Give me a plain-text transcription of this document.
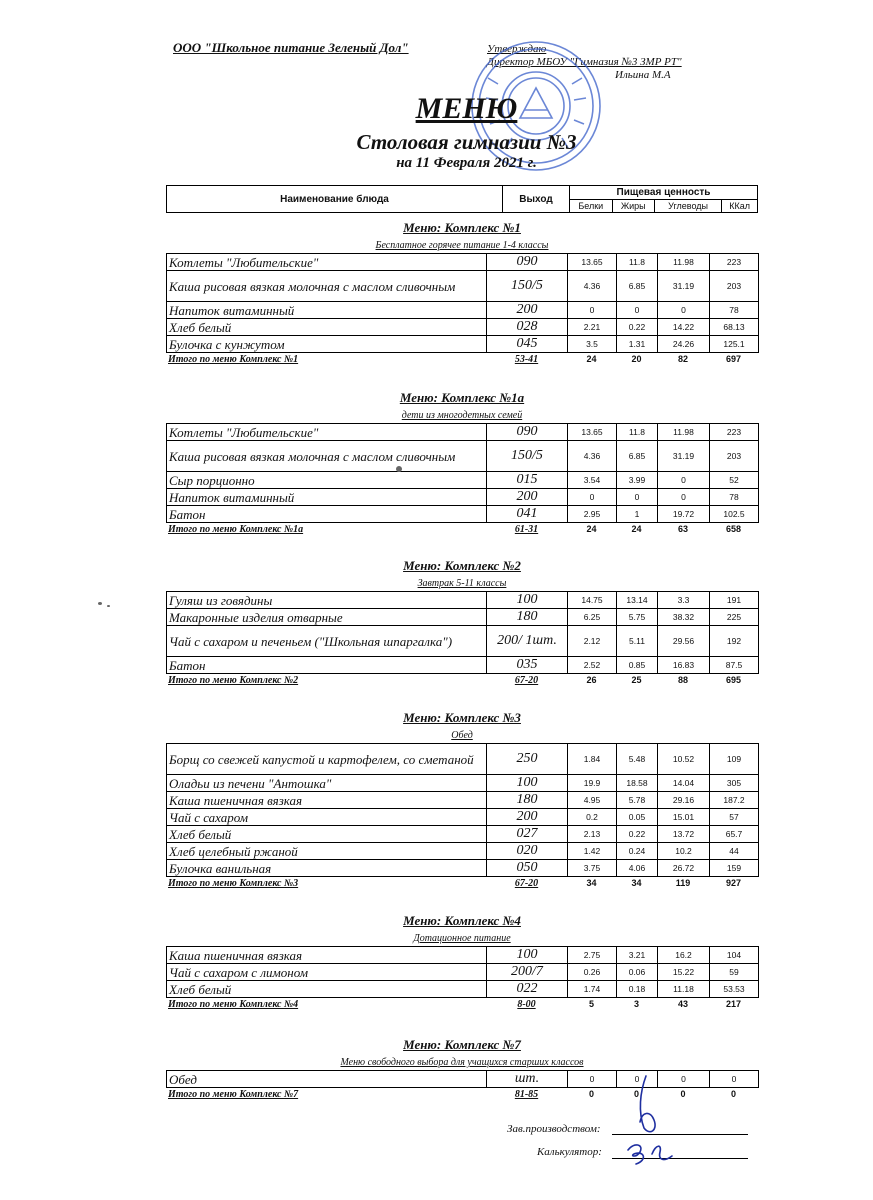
ООО "Школьное питание Зеленый Дол"	Утверждаю
Директор МБОУ "Гимназия №3 ЗМР РТ"
Ильина М.А
МЕНЮ
Столовая гимназии №3
на 11 Февраля 2021 г.
Наименование блюда	Выход	Пищевая ценность			
		Белки	Жиры	Углеводы	ККал
Меню: Комплекс №1
Бесплатное горячее питание 1-4 классы
Котлеты "Любительские"	090	13.65	11.8	11.98	223
Каша рисовая вязкая молочная с маслом сливочным	150/5	4.36	6.85	31.19	203
Напиток витаминный	200	0	0	0	78
Хлеб белый	028	2.21	0.22	14.22	68.13
Булочка с кунжутом	045	3.5	1.31	24.26	125.1
Итого по меню Комплекс №1	53-41	24	20	82	697
Меню: Комплекс №1а
дети из многодетных семей
Котлеты "Любительские"	090	13.65	11.8	11.98	223
Каша рисовая вязкая молочная с маслом сливочным	150/5	4.36	6.85	31.19	203
Сыр порционно	015	3.54	3.99	0	52
Напиток витаминный	200	0	0	0	78
Батон	041	2.95	1	19.72	102.5
Итого по меню Комплекс №1а	61-31	24	24	63	658
Меню: Комплекс №2
Завтрак 5-11 классы
Гуляш из говядины	100	14.75	13.14	3.3	191
Макаронные изделия отварные	180	6.25	5.75	38.32	225
Чай с сахаром и печеньем ("Школьная шпаргалка")	200/ 1шт.	2.12	5.11	29.56	192
Батон	035	2.52	0.85	16.83	87.5
Итого по меню Комплекс №2	67-20	26	25	88	695
Меню: Комплекс №3
Обед
Борщ со свежей капустой и картофелем, со сметаной	250	1.84	5.48	10.52	109
Оладьи из печени "Антошка"	100	19.9	18.58	14.04	305
Каша пшеничная вязкая	180	4.95	5.78	29.16	187.2
Чай с сахаром	200	0.2	0.05	15.01	57
Хлеб белый	027	2.13	0.22	13.72	65.7
Хлеб целебный ржаной	020	1.42	0.24	10.2	44
Булочка ванильная	050	3.75	4.06	26.72	159
Итого по меню Комплекс №3	67-20	34	34	119	927
Меню: Комплекс №4
Дотационное питание
Каша пшеничная вязкая	100	2.75	3.21	16.2	104
Чай с сахаром с лимоном	200/7	0.26	0.06	15.22	59
Хлеб белый	022	1.74	0.18	11.18	53.53
Итого по меню Комплекс №4	8-00	5	3	43	217
Меню: Комплекс №7
Меню свободного выбора для учащихся старших классов
Обед	шт.	0	0	0	0
Итого по меню Комплекс №7	81-85	0	0	0	0
Зав.производством:
Калькулятор:
